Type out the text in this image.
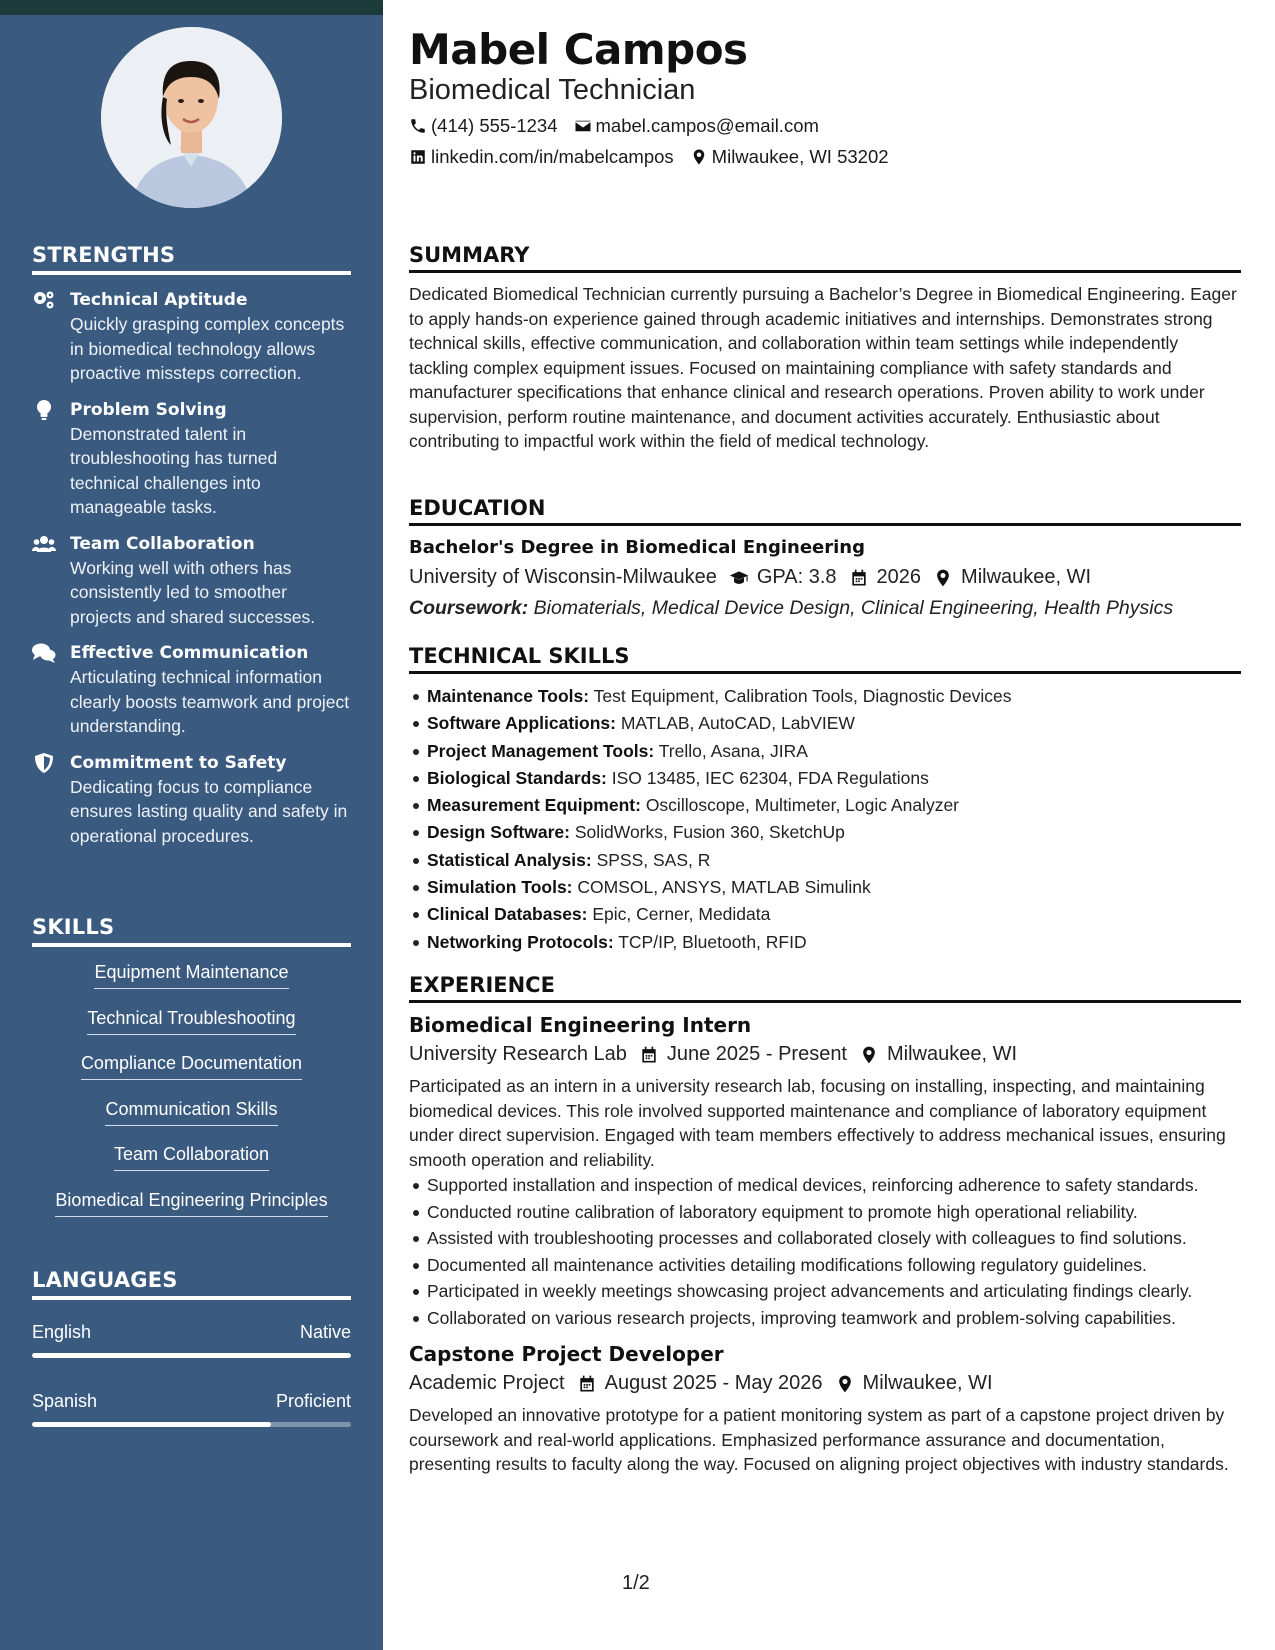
STRENGTHS
Technical Aptitude
Quickly grasping complex concepts in biomedical technology allows proactive missteps correction.
Problem Solving
Demonstrated talent in troubleshooting has turned technical challenges into manageable tasks.
Team Collaboration
Working well with others has consistently led to smoother projects and shared successes.
Effective Communication
Articulating technical information clearly boosts teamwork and project understanding.
Commitment to Safety
Dedicating focus to compliance ensures lasting quality and safety in operational procedures.
SKILLS
Equipment Maintenance
Technical Troubleshooting
Compliance Documentation
Communication Skills
Team Collaboration
Biomedical Engineering Principles
LANGUAGES
English	Native
Spanish	Proficient
Mabel Campos
Biomedical Technician
(414) 555-1234 mabel.campos@email.com
linkedin.com/in/mabelcampos Milwaukee, WI 53202
SUMMARY
Dedicated Biomedical Technician currently pursuing a Bachelor’s Degree in Biomedical Engineering. Eager to apply hands-on experience gained through academic initiatives and internships. Demonstrates strong technical skills, effective communication, and collaboration within team settings while independently tackling complex equipment issues. Focused on maintaining compliance with safety standards and manufacturer specifications that enhance clinical and research operations. Proven ability to work under supervision, perform routine maintenance, and document activities accurately. Enthusiastic about contributing to impactful work within the field of medical technology.
EDUCATION
Bachelor's Degree in Biomedical Engineering
University of Wisconsin-Milwaukee GPA: 3.8 2026 Milwaukee, WI
Coursework: Biomaterials, Medical Device Design, Clinical Engineering, Health Physics
TECHNICAL SKILLS
Maintenance Tools: Test Equipment, Calibration Tools, Diagnostic Devices
Software Applications: MATLAB, AutoCAD, LabVIEW
Project Management Tools: Trello, Asana, JIRA
Biological Standards: ISO 13485, IEC 62304, FDA Regulations
Measurement Equipment: Oscilloscope, Multimeter, Logic Analyzer
Design Software: SolidWorks, Fusion 360, SketchUp
Statistical Analysis: SPSS, SAS, R
Simulation Tools: COMSOL, ANSYS, MATLAB Simulink
Clinical Databases: Epic, Cerner, Medidata
Networking Protocols: TCP/IP, Bluetooth, RFID
EXPERIENCE
Biomedical Engineering Intern
University Research Lab June 2025 - Present Milwaukee, WI
Participated as an intern in a university research lab, focusing on installing, inspecting, and maintaining biomedical devices. This role involved supported maintenance and compliance of laboratory equipment under direct supervision. Engaged with team members effectively to address mechanical issues, ensuring smooth operation and reliability.
Supported installation and inspection of medical devices, reinforcing adherence to safety standards.
Conducted routine calibration of laboratory equipment to promote high operational reliability.
Assisted with troubleshooting processes and collaborated closely with colleagues to find solutions.
Documented all maintenance activities detailing modifications following regulatory guidelines.
Participated in weekly meetings showcasing project advancements and articulating findings clearly.
Collaborated on various research projects, improving teamwork and problem-solving capabilities.
Capstone Project Developer
Academic Project August 2025 - May 2026 Milwaukee, WI
Developed an innovative prototype for a patient monitoring system as part of a capstone project driven by coursework and real-world applications. Emphasized performance assurance and documentation, presenting results to faculty along the way. Focused on aligning project objectives with industry standards.
1/2
